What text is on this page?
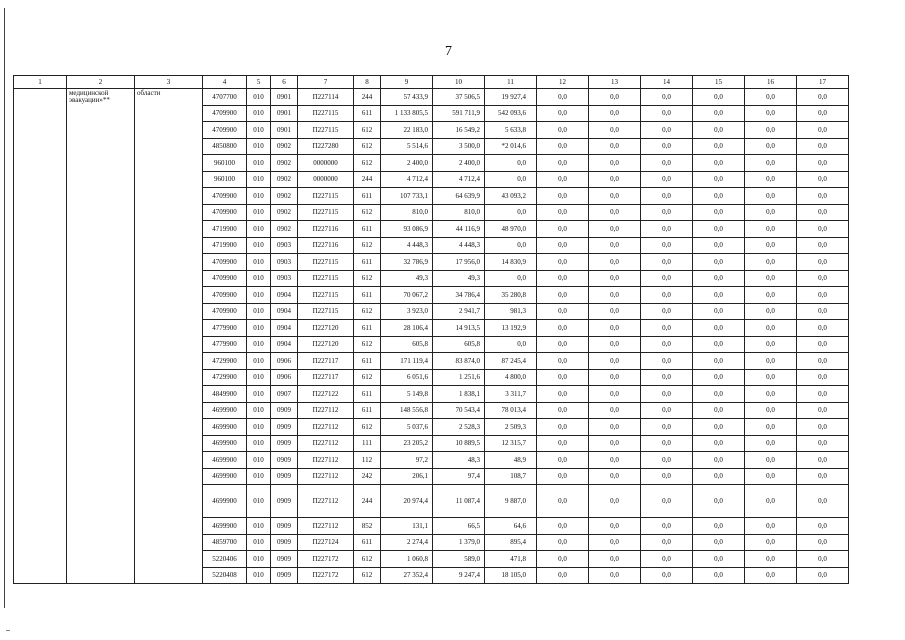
7
1	2	3	4	5	6	7	8	9	10	11	12	13	14	15	16	17
	медицинской эвакуации»**	области	4707700	010	0901	П227114	244	57 433,9	37 506,5	19 927,4	0,0	0,0	0,0	0,0	0,0	0,0
			4709900	010	0901	П227115	611	1 133 805,5	591 711,9	542 093,6	0,0	0,0	0,0	0,0	0,0	0,0
			4709900	010	0901	П227115	612	22 183,0	16 549,2	5 633,8	0,0	0,0	0,0	0,0	0,0	0,0
			4850800	010	0902	П227280	612	5 514,6	3 500,0	*2 014,6	0,0	0,0	0,0	0,0	0,0	0,0
			960100	010	0902	0000000	612	2 400,0	2 400,0	0,0	0,0	0,0	0,0	0,0	0,0	0,0
			960100	010	0902	0000000	244	4 712,4	4 712,4	0,0	0,0	0,0	0,0	0,0	0,0	0,0
			4709900	010	0902	П227115	611	107 733,1	64 639,9	43 093,2	0,0	0,0	0,0	0,0	0,0	0,0
			4709900	010	0902	П227115	612	810,0	810,0	0,0	0,0	0,0	0,0	0,0	0,0	0,0
			4719900	010	0902	П227116	611	93 086,9	44 116,9	48 970,0	0,0	0,0	0,0	0,0	0,0	0,0
			4719900	010	0903	П227116	612	4 448,3	4 448,3	0,0	0,0	0,0	0,0	0,0	0,0	0,0
			4709900	010	0903	П227115	611	32 786,9	17 956,0	14 830,9	0,0	0,0	0,0	0,0	0,0	0,0
			4709900	010	0903	П227115	612	49,3	49,3	0,0	0,0	0,0	0,0	0,0	0,0	0,0
			4709900	010	0904	П227115	611	70 067,2	34 786,4	35 280,8	0,0	0,0	0,0	0,0	0,0	0,0
			4709900	010	0904	П227115	612	3 923,0	2 941,7	981,3	0,0	0,0	0,0	0,0	0,0	0,0
			4779900	010	0904	П227120	611	28 106,4	14 913,5	13 192,9	0,0	0,0	0,0	0,0	0,0	0,0
			4779900	010	0904	П227120	612	605,8	605,8	0,0	0,0	0,0	0,0	0,0	0,0	0,0
			4729900	010	0906	П227117	611	171 119,4	83 874,0	87 245,4	0,0	0,0	0,0	0,0	0,0	0,0
			4729900	010	0906	П227117	612	6 051,6	1 251,6	4 800,0	0,0	0,0	0,0	0,0	0,0	0,0
			4849900	010	0907	П227122	611	5 149,8	1 838,1	3 311,7	0,0	0,0	0,0	0,0	0,0	0,0
			4699900	010	0909	П227112	611	148 556,8	70 543,4	78 013,4	0,0	0,0	0,0	0,0	0,0	0,0
			4699900	010	0909	П227112	612	5 037,6	2 528,3	2 509,3	0,0	0,0	0,0	0,0	0,0	0,0
			4699900	010	0909	П227112	111	23 205,2	10 889,5	12 315,7	0,0	0,0	0,0	0,0	0,0	0,0
			4699900	010	0909	П227112	112	97,2	48,3	48,9	0,0	0,0	0,0	0,0	0,0	0,0
			4699900	010	0909	П227112	242	206,1	97,4	108,7	0,0	0,0	0,0	0,0	0,0	0,0
			4699900	010	0909	П227112	244	20 974,4	11 087,4	9 887,0	0,0	0,0	0,0	0,0	0,0	0,0
			4699900	010	0909	П227112	852	131,1	66,5	64,6	0,0	0,0	0,0	0,0	0,0	0,0
			4859700	010	0909	П227124	611	2 274,4	1 379,0	895,4	0,0	0,0	0,0	0,0	0,0	0,0
			5220406	010	0909	П227172	612	1 060,8	589,0	471,8	0,0	0,0	0,0	0,0	0,0	0,0
			5220408	010	0909	П227172	612	27 352,4	9 247,4	18 105,0	0,0	0,0	0,0	0,0	0,0	0,0
